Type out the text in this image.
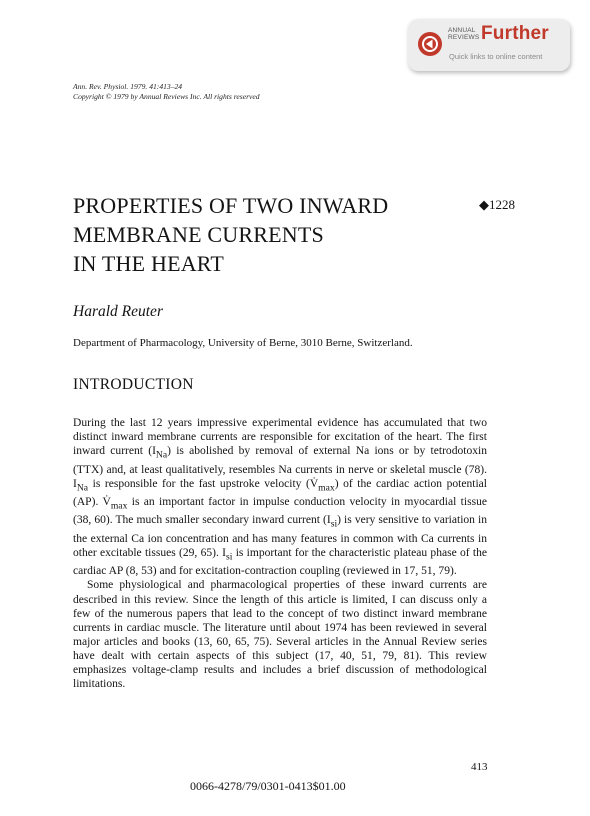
ANNUAL
REVIEWS Further
Quick links to online content
Ann. Rev. Physiol. 1979. 41:413–24
Copyright © 1979 by Annual Reviews Inc. All rights reserved
PROPERTIES OF TWO INWARD
MEMBRANE CURRENTS
IN THE HEART
◆1228
Harald Reuter
Department of Pharmacology, University of Berne, 3010 Berne, Switzerland.
INTRODUCTION

During the last 12 years impressive experimental evidence has accumulated that two distinct inward membrane currents are responsible for excitation of the heart. The first inward current $(I_{Na})$ is abolished by removal of external Na ions or by tetrodotoxin (TTX) and, at least qualitatively, resembles Na currents in nerve or skeletal muscle (78). $I_{Na}$ is responsible for the fast upstroke velocity $(V̇_{max})$ of the cardiac action potential (AP). $V̇_{max}$ is an important factor in impulse conduction velocity in myocardial tissue (38, 60). The much smaller secondary inward current $(I_{si})$ is very sensitive to variation in the external Ca ion concentration and has many features in common with Ca currents in other excitable tissues (29, 65). $I_{si}$ is important for the characteristic plateau phase of the cardiac AP (8, 53) and for excitation-contraction coupling (reviewed in 17, 51, 79).

Some physiological and pharmacological properties of these inward currents are described in this review. Since the length of this article is limited, I can discuss only a few of the numerous papers that lead to the concept of two distinct inward membrane currents in cardiac muscle. The literature until about 1974 has been reviewed in several major articles and books (13, 60, 65, 75). Several articles in the Annual Review series have dealt with certain aspects of this subject (17, 40, 51, 79, 81). This review emphasizes voltage-clamp results and includes a brief discussion of methodological limitations.

413
0066-4278/79/0301-0413$01.00
